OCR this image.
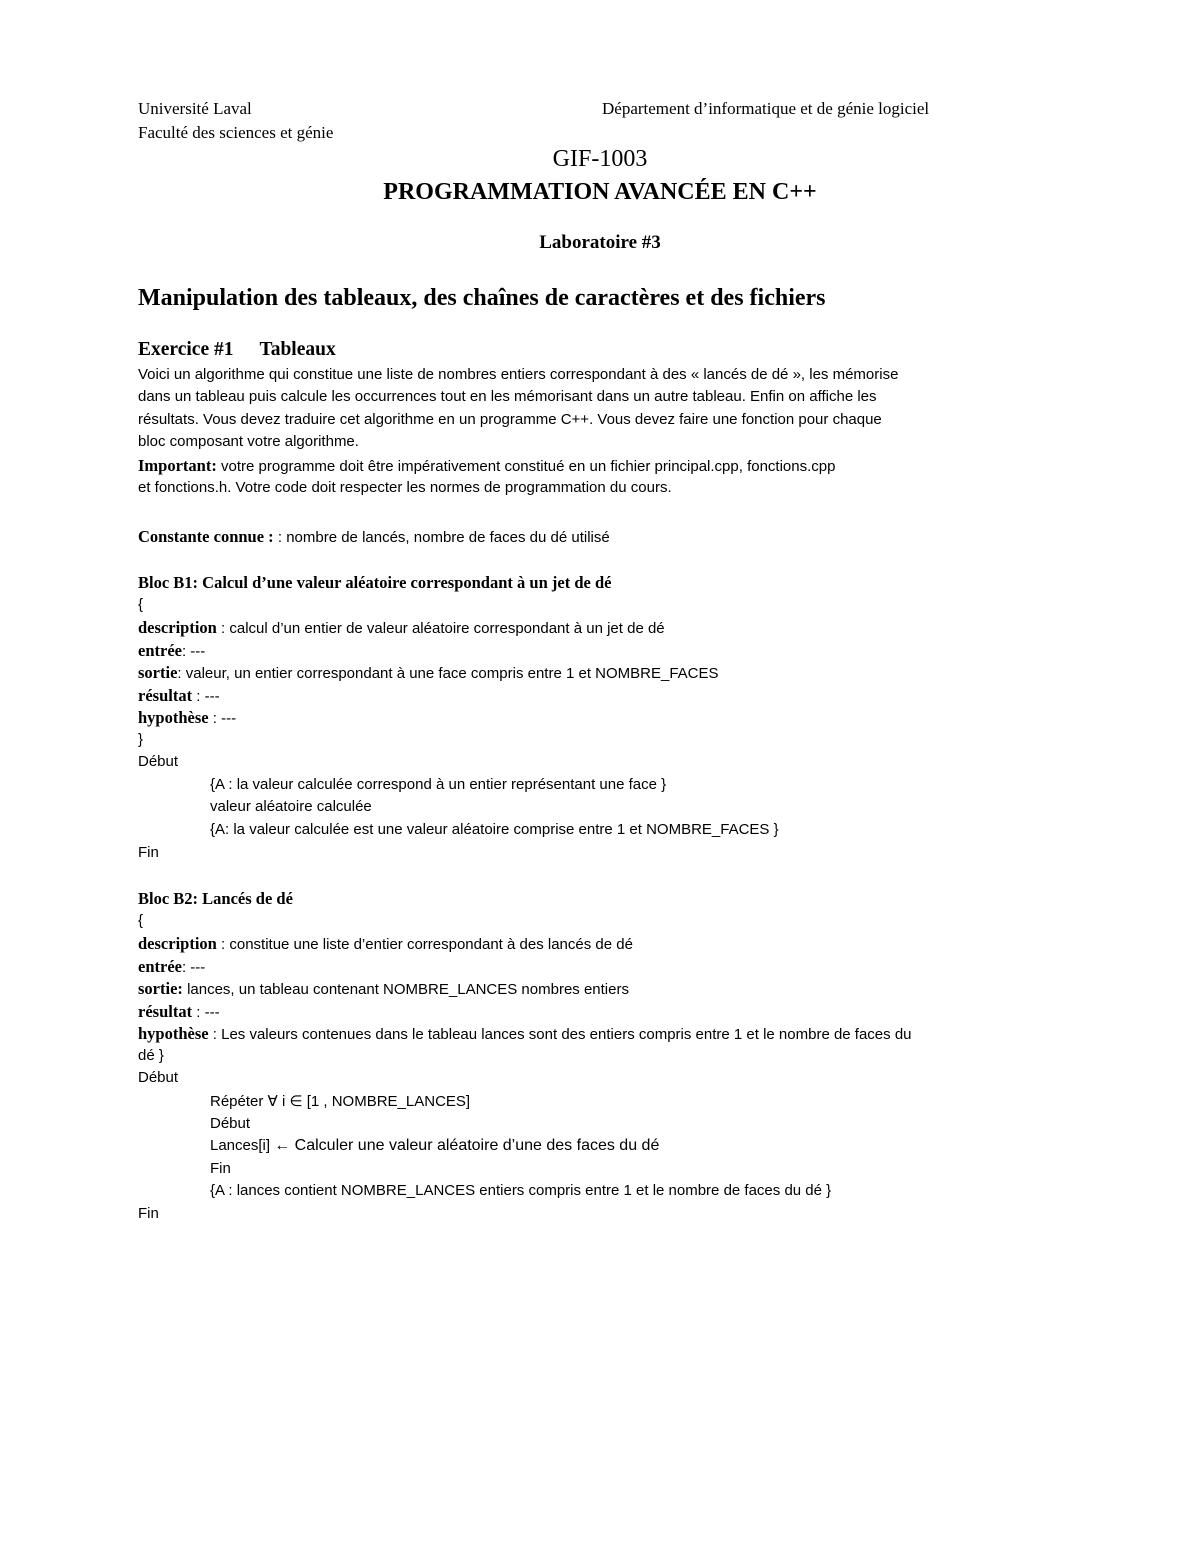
Université Laval
Faculté des sciences et génie
Département d’informatique et de génie logiciel
GIF-1003
PROGRAMMATION AVANCÉE EN C++
Laboratoire #3
Manipulation des tableaux, des chaînes de caractères et des fichiers
Exercice #1 Tableaux
Voici un algorithme qui constitue une liste de nombres entiers correspondant à des « lancés de dé », les mémorise
dans un tableau puis calcule les occurrences tout en les mémorisant dans un autre tableau. Enfin on affiche les
résultats. Vous devez traduire cet algorithme en un programme C++. Vous devez faire une fonction pour chaque
bloc composant votre algorithme.
Important: votre programme doit être impérativement constitué en un fichier principal.cpp, fonctions.cpp
et fonctions.h. Votre code doit respecter les normes de programmation du cours.
Constante connue : : nombre de lancés, nombre de faces du dé utilisé
Bloc B1: Calcul d’une valeur aléatoire correspondant à un jet de dé
{
description : calcul d’un entier de valeur aléatoire correspondant à un jet de dé
entrée: ---
sortie: valeur, un entier correspondant à une face compris entre 1 et NOMBRE_FACES
résultat : ---
hypothèse : ---
}
Début
{A : la valeur calculée correspond à un entier représentant une face }
valeur aléatoire calculée
{A: la valeur calculée est une valeur aléatoire comprise entre 1 et NOMBRE_FACES }
Fin
Bloc B2: Lancés de dé
{
description : constitue une liste d’entier correspondant à des lancés de dé
entrée: ---
sortie: lances, un tableau contenant NOMBRE_LANCES nombres entiers
résultat : ---
hypothèse : Les valeurs contenues dans le tableau lances sont des entiers compris entre 1 et le nombre de faces du
dé }
Début
Répéter ∀ i ∈ [1 , NOMBRE_LANCES]
Début
Lances[i] ← Calculer une valeur aléatoire d’une des faces du dé
Fin
{A : lances contient NOMBRE_LANCES entiers compris entre 1 et le nombre de faces du dé }
Fin
